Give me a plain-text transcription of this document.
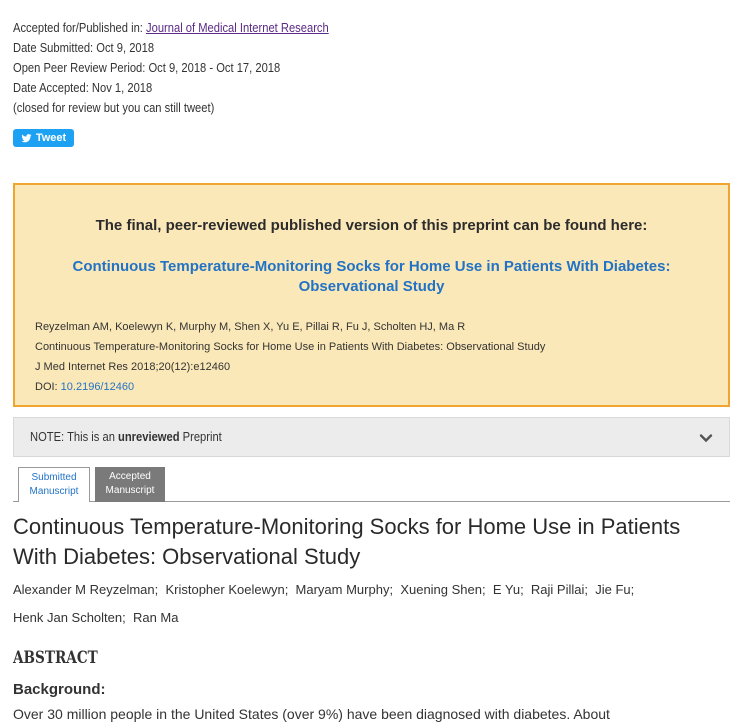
Accepted for/Published in: Journal of Medical Internet Research
Date Submitted: Oct 9, 2018
Open Peer Review Period: Oct 9, 2018 - Oct 17, 2018
Date Accepted: Nov 1, 2018
(closed for review but you can still tweet)
Tweet
The final, peer-reviewed published version of this preprint can be found here:
Continuous Temperature-Monitoring Socks for Home Use in Patients With Diabetes: Observational Study
Reyzelman AM, Koelewyn K, Murphy M, Shen X, Yu E, Pillai R, Fu J, Scholten HJ, Ma R
Continuous Temperature-Monitoring Socks for Home Use in Patients With Diabetes: Observational Study
J Med Internet Res 2018;20(12):e12460
DOI: 10.2196/12460
NOTE: This is an unreviewed Preprint
Submitted
Manuscript
Accepted
Manuscript
Continuous Temperature-Monitoring Socks for Home Use in Patients With Diabetes: Observational Study
Alexander M Reyzelman;  Kristopher Koelewyn;  Maryam Murphy;  Xuening Shen;  E Yu;  Raji Pillai;  Jie Fu;
Henk Jan Scholten;  Ran Ma
ABSTRACT
Background:
Over 30 million people in the United States (over 9%) have been diagnosed with diabetes. About
